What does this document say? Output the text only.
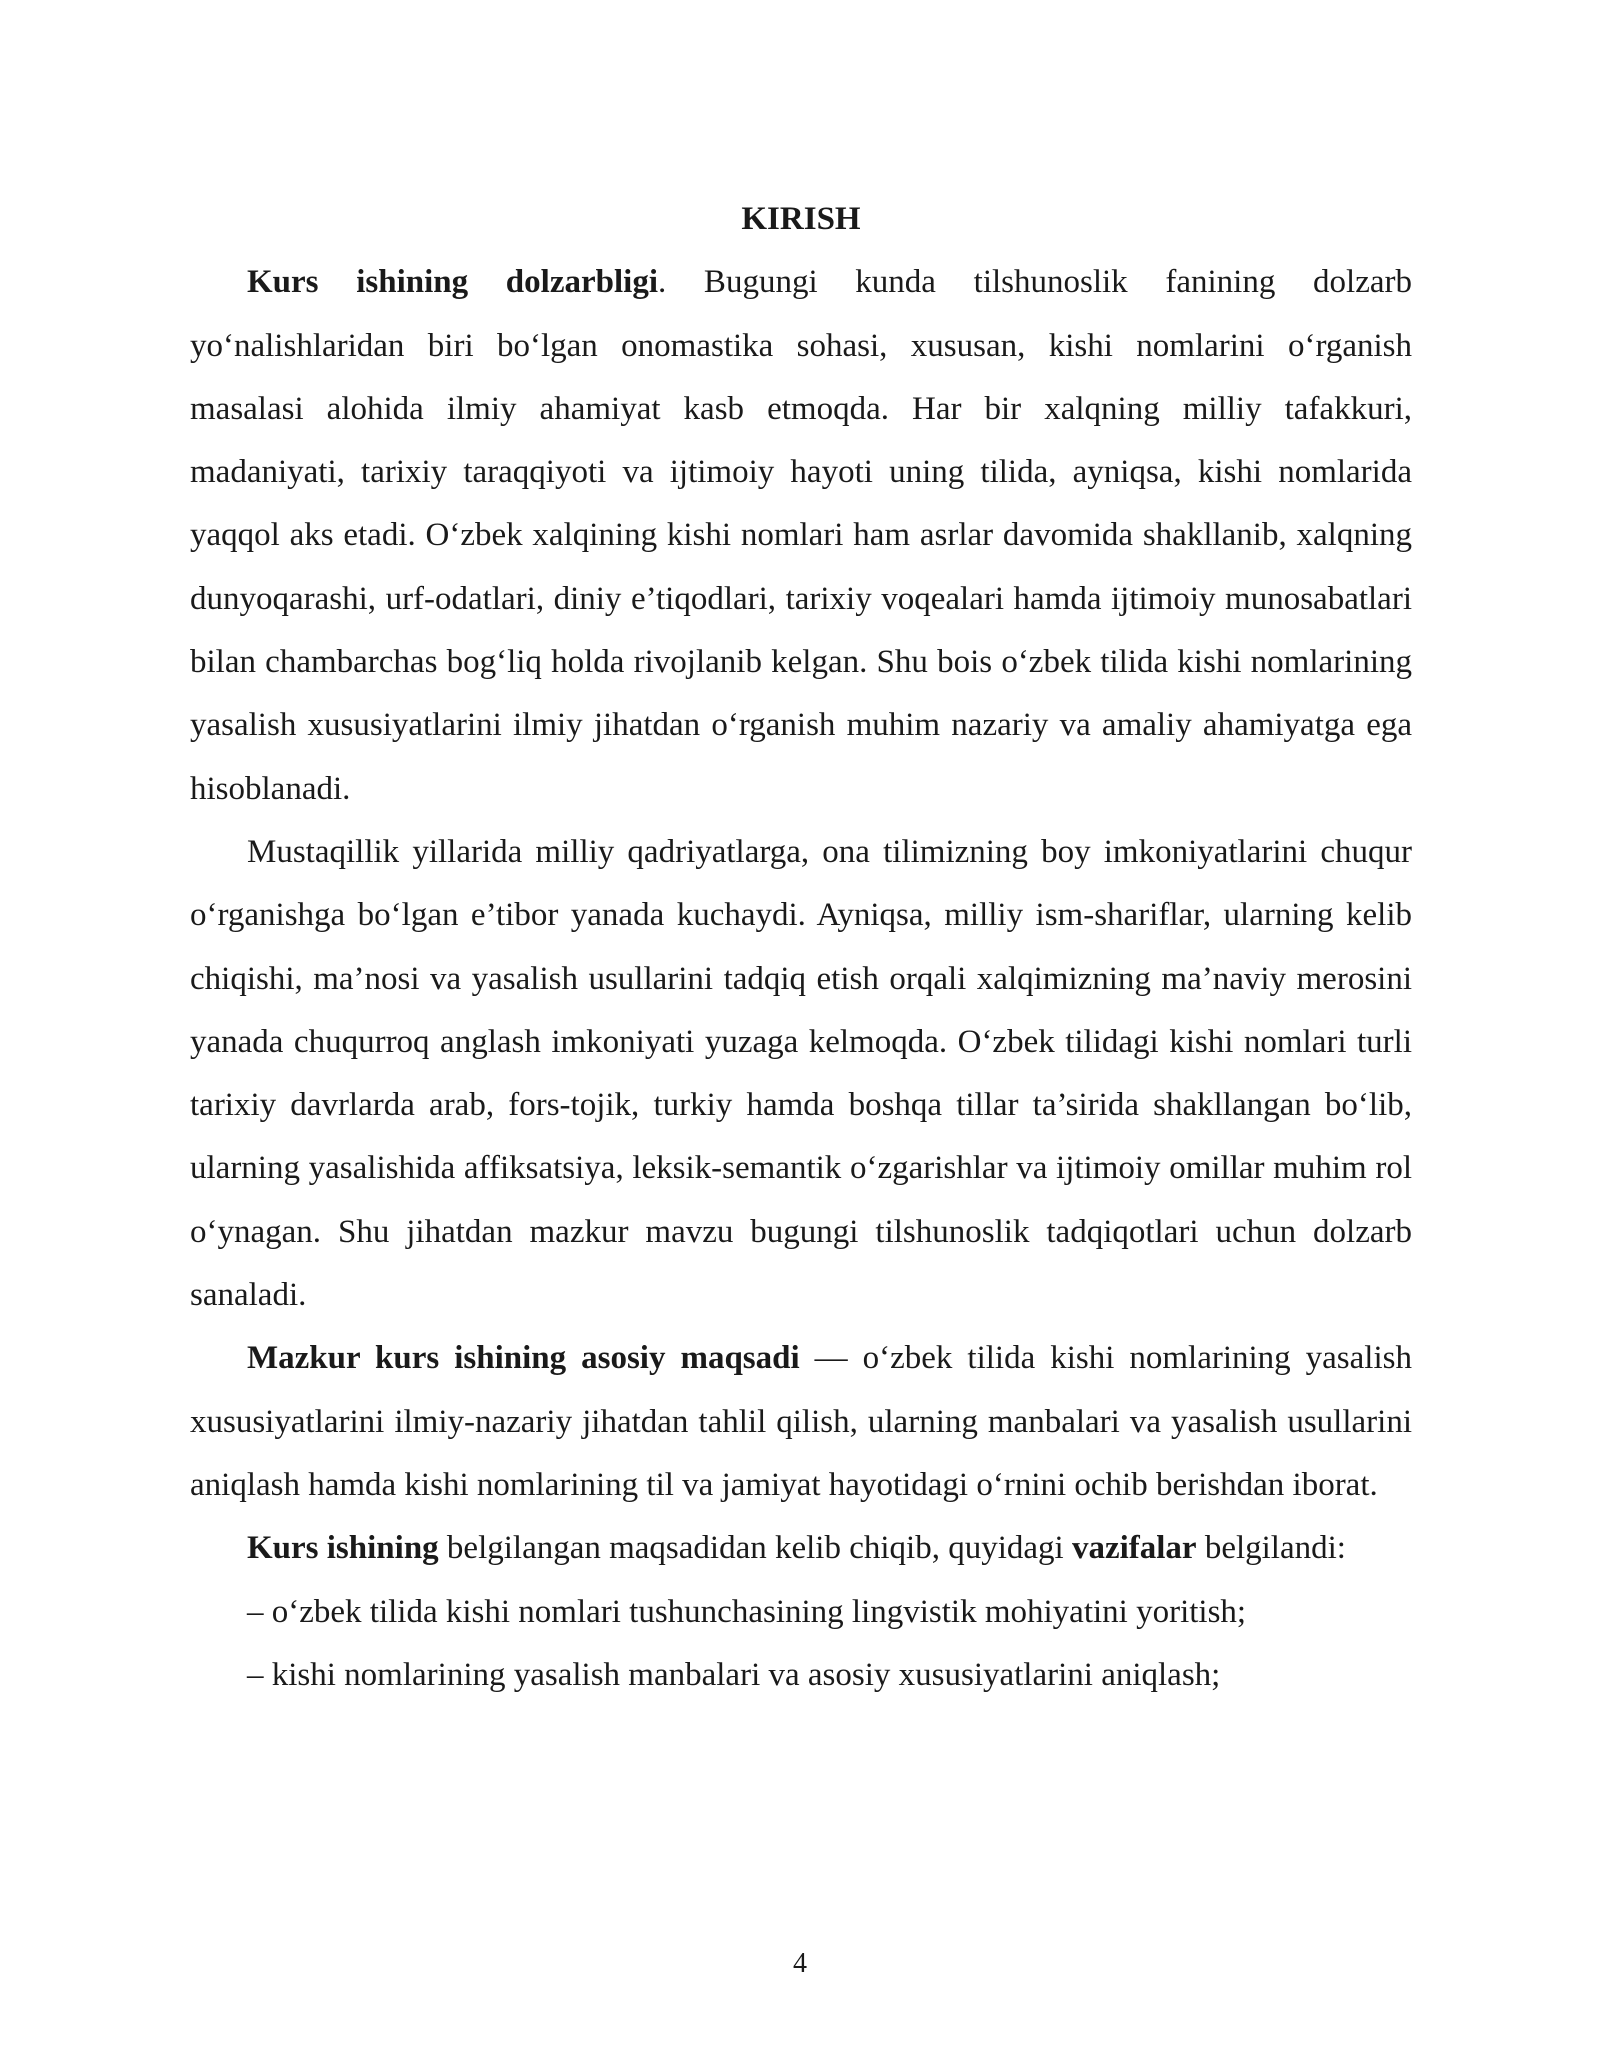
KIRISH

Kurs ishining dolzarbligi. Bugungi kunda tilshunoslik fanining dolzarb yo‘nalishlaridan biri bo‘lgan onomastika sohasi, xususan, kishi nomlarini o‘rganish masalasi alohida ilmiy ahamiyat kasb etmoqda. Har bir xalqning milliy tafakkuri, madaniyati, tarixiy taraqqiyoti va ijtimoiy hayoti uning tilida, ayniqsa, kishi nomlarida yaqqol aks etadi. O‘zbek xalqining kishi nomlari ham asrlar davomida shakllanib, xalqning dunyoqarashi, urf-odatlari, diniy e’tiqodlari, tarixiy voqealari hamda ijtimoiy munosabatlari bilan chambarchas bog‘liq holda rivojlanib kelgan. Shu bois o‘zbek tilida kishi nomlarining yasalish xususiyatlarini ilmiy jihatdan o‘rganish muhim nazariy va amaliy ahamiyatga ega hisoblanadi.

Mustaqillik yillarida milliy qadriyatlarga, ona tilimizning boy imkoniyatlarini chuqur o‘rganishga bo‘lgan e’tibor yanada kuchaydi. Ayniqsa, milliy ism-shariflar, ularning kelib chiqishi, ma’nosi va yasalish usullarini tadqiq etish orqali xalqimizning ma’naviy merosini yanada chuqurroq anglash imkoniyati yuzaga kelmoqda. O‘zbek tilidagi kishi nomlari turli tarixiy davrlarda arab, fors-tojik, turkiy hamda boshqa tillar ta’sirida shakllangan bo‘lib, ularning yasalishida affiksatsiya, leksik-semantik o‘zgarishlar va ijtimoiy omillar muhim rol o‘ynagan. Shu jihatdan mazkur mavzu bugungi tilshunoslik tadqiqotlari uchun dolzarb sanaladi.

Mazkur kurs ishining asosiy maqsadi — o‘zbek tilida kishi nomlarining yasalish xususiyatlarini ilmiy-nazariy jihatdan tahlil qilish, ularning manbalari va yasalish usullarini aniqlash hamda kishi nomlarining til va jamiyat hayotidagi o‘rnini ochib berishdan iborat.

Kurs ishining belgilangan maqsadidan kelib chiqib, quyidagi vazifalar belgilandi:

– o‘zbek tilida kishi nomlari tushunchasining lingvistik mohiyatini yoritish;

– kishi nomlarining yasalish manbalari va asosiy xususiyatlarini aniqlash;

4
